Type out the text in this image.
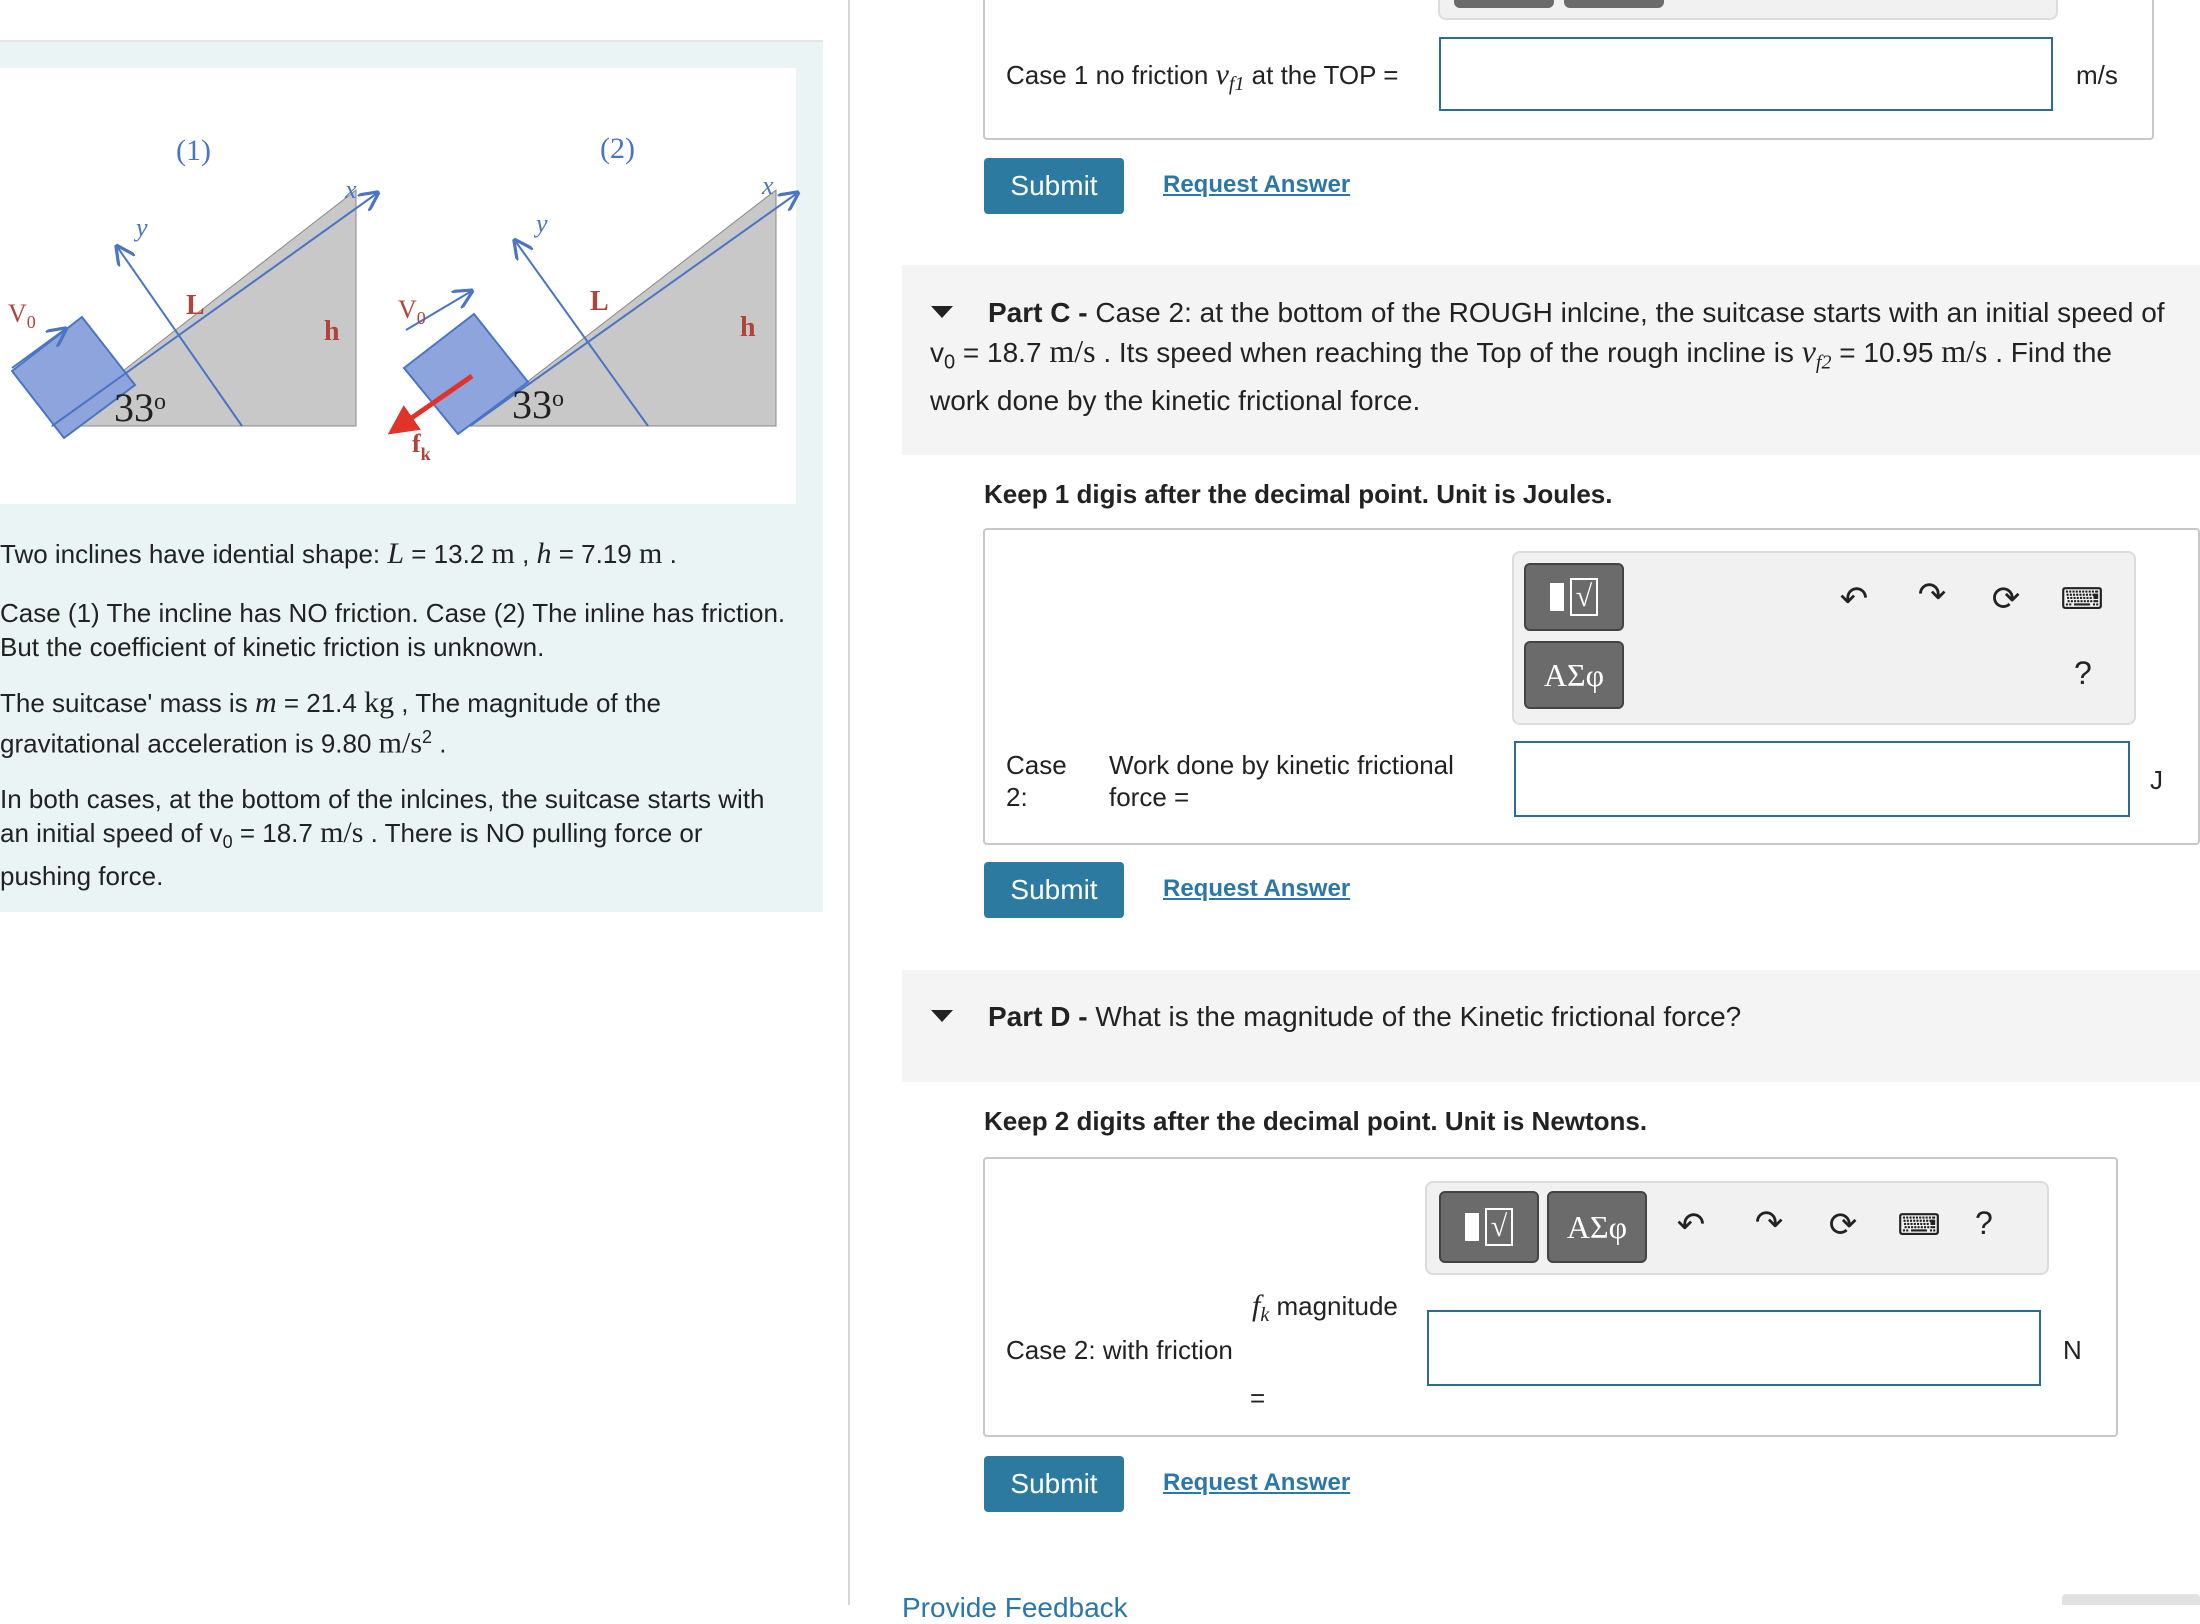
(1)
x
y
L
h
$V_0$
33$^o$
(2)
x
y
L
h
$V_0$
33$^o$
$f_k$
Two inclines have idential shape: L = 13.2 m , h = 7.19 m .
Case (1) The incline has NO friction. Case (2) The inline has friction.
But the coefficient of kinetic friction is unknown.
The suitcase' mass is m = 21.4 kg , The magnitude of the
gravitational acceleration is 9.80 $m/s^2$ .
In both cases, at the bottom of the inlcines, the suitcase starts with
an initial speed of $v_0 = 18.7$ m/s . There is NO pulling force or
pushing force.
Case 1 no friction $v_{f1}$ at the TOP =	m/s
Submit	Request Answer
Part C - Case 2: at the bottom of the ROUGH inlcine, the suitcase starts with an initial speed of
$v_0 = 18.7$ m/s . Its speed when reaching the Top of the rough incline is $v_{f2} = 10.95$ m/s . Find the
work done by the kinetic frictional force.
Keep 1 digis after the decimal point. Unit is Joules.
√
ΑΣφ
↶ ↷ ⟳	⌨
?
Case
2:
Work done by kinetic frictional
force =
J
Submit	Request Answer
Part D - What is the magnitude of the Kinetic frictional force?
Keep 2 digits after the decimal point. Unit is Newtons.
√	ΑΣφ	↶ ↷ ⟳	⌨ ?
Case 2: with friction
$f_k$ magnitude
=
N
Submit	Request Answer
Provide Feedback
